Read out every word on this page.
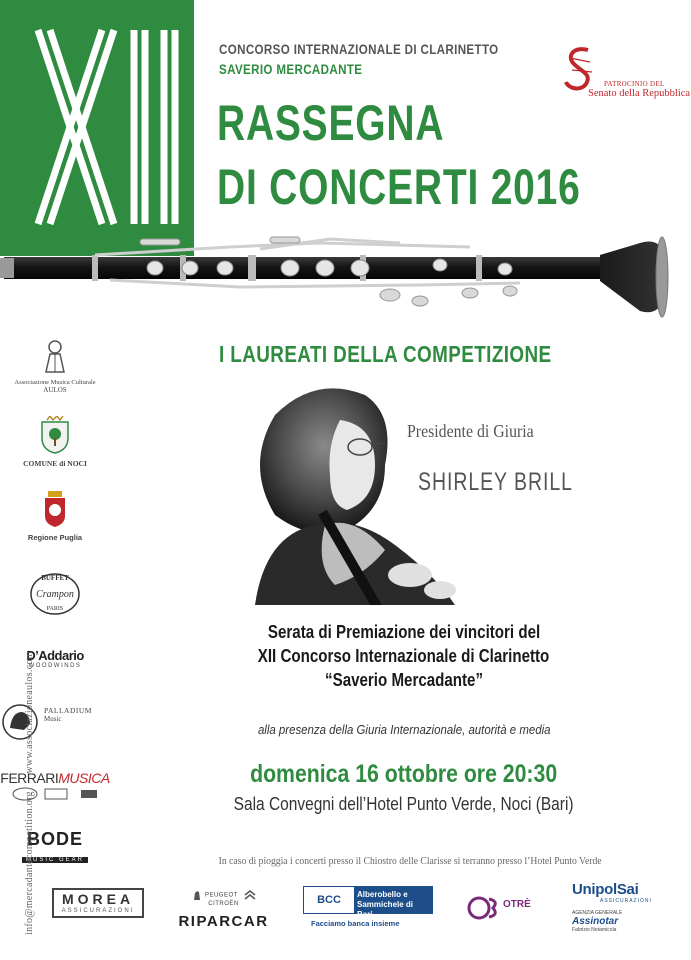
CONCORSO INTERNAZIONALE DI CLARINETTO
SAVERIO MERCADANTE
RASSEGNA
DI CONCERTI 2016
PATROCINIO DEL
Senato della Repubblica
I LAUREATI DELLA COMPETIZIONE
Associazione Musica Culturale
AULOS
COMUNE di NOCI
Regione Puglia
BUFFET
Crampon
PARIS
D’Addario
WOODWINDS
PALLADIUM
Music
FERRARIMUSICA
BODE
MUSIC GEAR
info@mercadantecompetition.org  www.associazioneaulos.com
Presidente di Giuria
SHIRLEY BRILL
Serata di Premiazione dei vincitori del
XII Concorso Internazionale di Clarinetto
“Saverio Mercadante”
alla presenza della Giuria Internazionale, autorità e media
domenica 16 ottobre ore 20:30
Sala Convegni dell’Hotel Punto Verde, Noci (Bari)
In caso di pioggia i concerti presso il Chiostro delle Clarisse si terranno presso l’Hotel Punto Verde
MOREA
ASSICURAZIONI
PEUGEOT    CITROËN
RIPARCAR
BCC	Alberobello e Sammichele di Bari
Facciamo banca insieme
OTRÈ
UnipolSai
ASSICURAZIONI
AGENZIA GENERALE
Assinotar
Fabrizio Notarnicola
